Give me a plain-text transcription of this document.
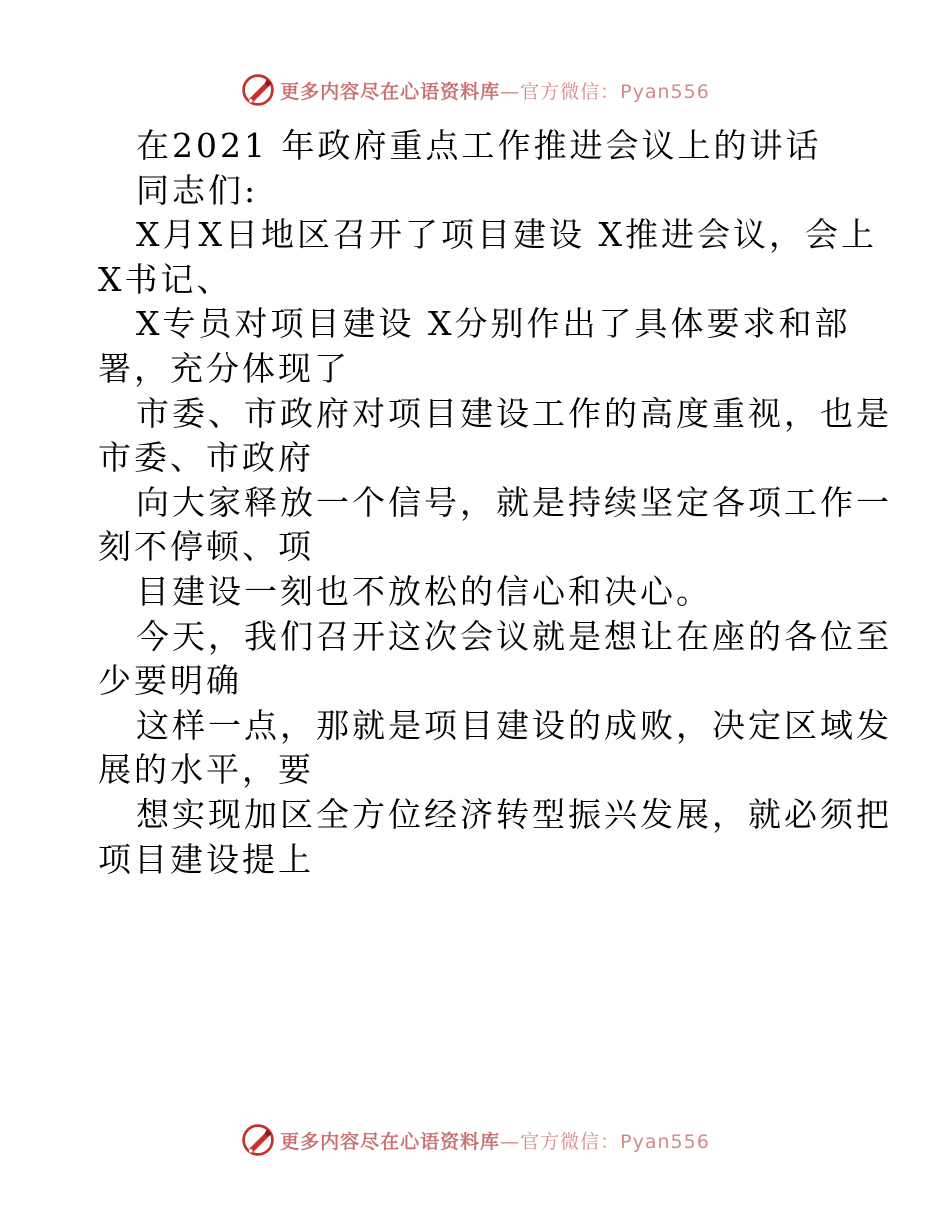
更多内容尽在心语资料库—官方微信：Pyan556
在2021 年政府重点工作推进会议上的讲话
同志们:
X月X日地区召开了项目建设 X推进会议，会上
X书记、
X专员对项目建设 X分别作出了具体要求和部
署，充分体现了
市委、市政府对项目建设工作的高度重视，也是
市委、市政府
向大家释放一个信号，就是持续坚定各项工作一
刻不停顿、项
目建设一刻也不放松的信心和决心。
今天，我们召开这次会议就是想让在座的各位至
少要明确
这样一点，那就是项目建设的成败，决定区域发
展的水平，要
想实现加区全方位经济转型振兴发展，就必须把
项目建设提上
更多内容尽在心语资料库—官方微信：Pyan556
